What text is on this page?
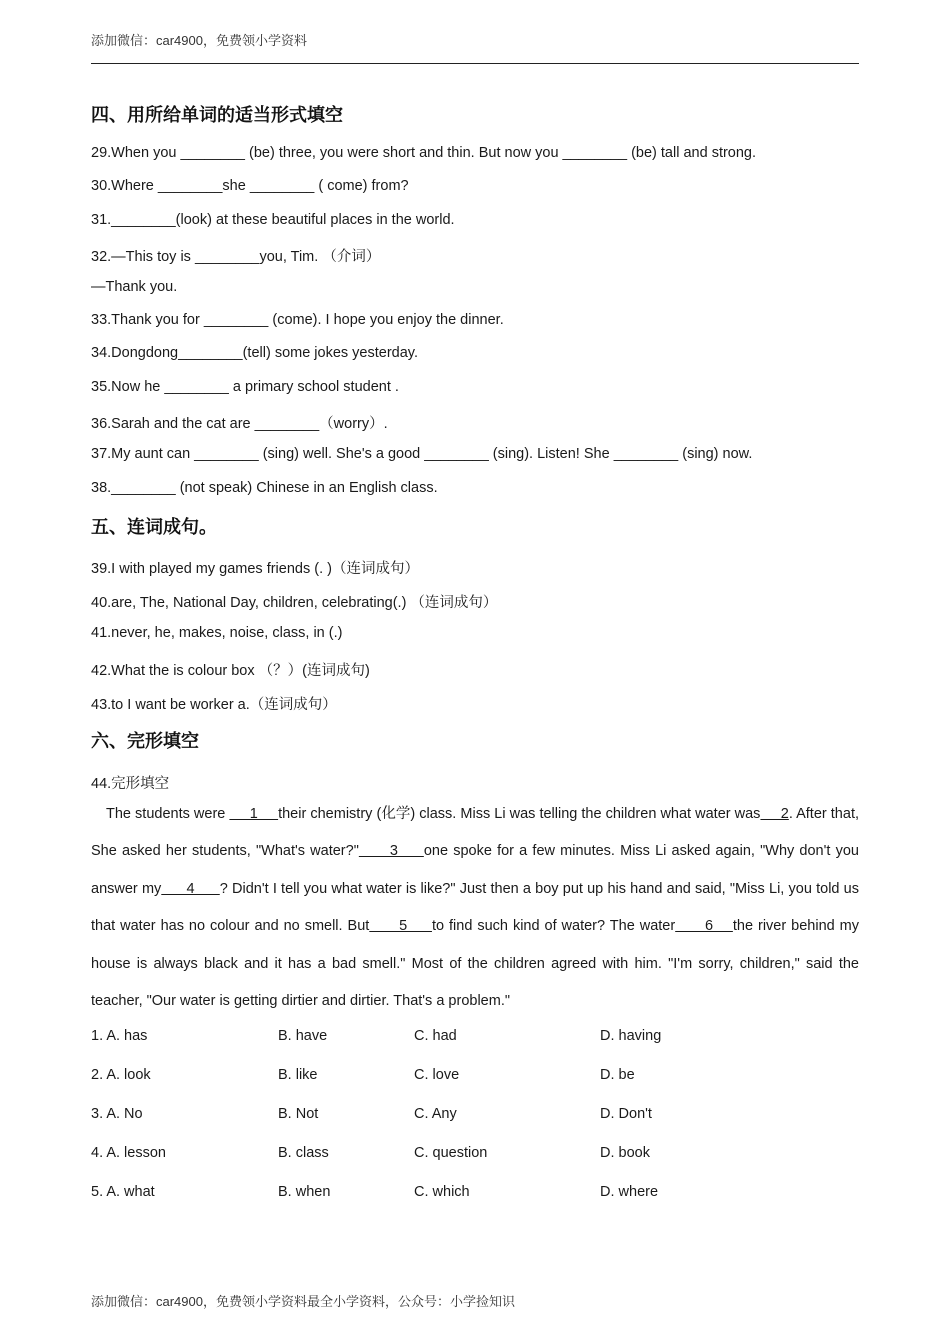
添加微信：car4900，免费领小学资料
四、用所给单词的适当形式填空
29.When you ________ (be) three, you were short and thin. But now you ________ (be) tall and strong.
30.Where ________she ________ ( come) from?
31.________(look) at these beautiful places in the world.
32.—This toy is ________you, Tim. （介词）
—Thank you.
33.Thank you for ________ (come). I hope you enjoy the dinner.
34.Dongdong________(tell) some jokes yesterday.
35.Now he ________ a primary school student .
36.Sarah and the cat are ________（worry）.
37.My aunt can ________ (sing) well. She's a good ________ (sing). Listen! She ________ (sing) now.
38.________ (not speak) Chinese in an English class.
五、连词成句。
39.I with played my games friends (. )（连词成句）
40.are, The, National Day, children, celebrating(.) （连词成句）
41.never, he, makes, noise, class, in (.)
42.What the is colour box （？）(连词成句)
43.to I want be worker a.（连词成句）
六、完形填空
44.完形填空

The students were      1     their chemistry (化学) class. Miss Li was telling the children what water was     2. After that, She asked her students, "What's water?"      3     one spoke for a few minutes. Miss Li asked again, "Why don't you answer my      4      ? Didn't I tell you what water is like?" Just then a boy put up his hand and said, "Miss Li, you told us that water has no colour and no smell. But      5     to find such kind of water? The water      6    the river behind my house is always black and it has a bad smell." Most of the children agreed with him. "I'm sorry, children," said the teacher, "Our water is getting dirtier and dirtier. That's a problem."

1. A. has	B. have	C. had	D. having
2. A. look	B. like	C. love	D. be
3. A. No	B. Not	C. Any	D. Don't
4. A. lesson	B. class	C. question	D. book
5. A. what	B. when	C. which	D. where
添加微信：car4900，免费领小学资料最全小学资料，公众号：小学捡知识
